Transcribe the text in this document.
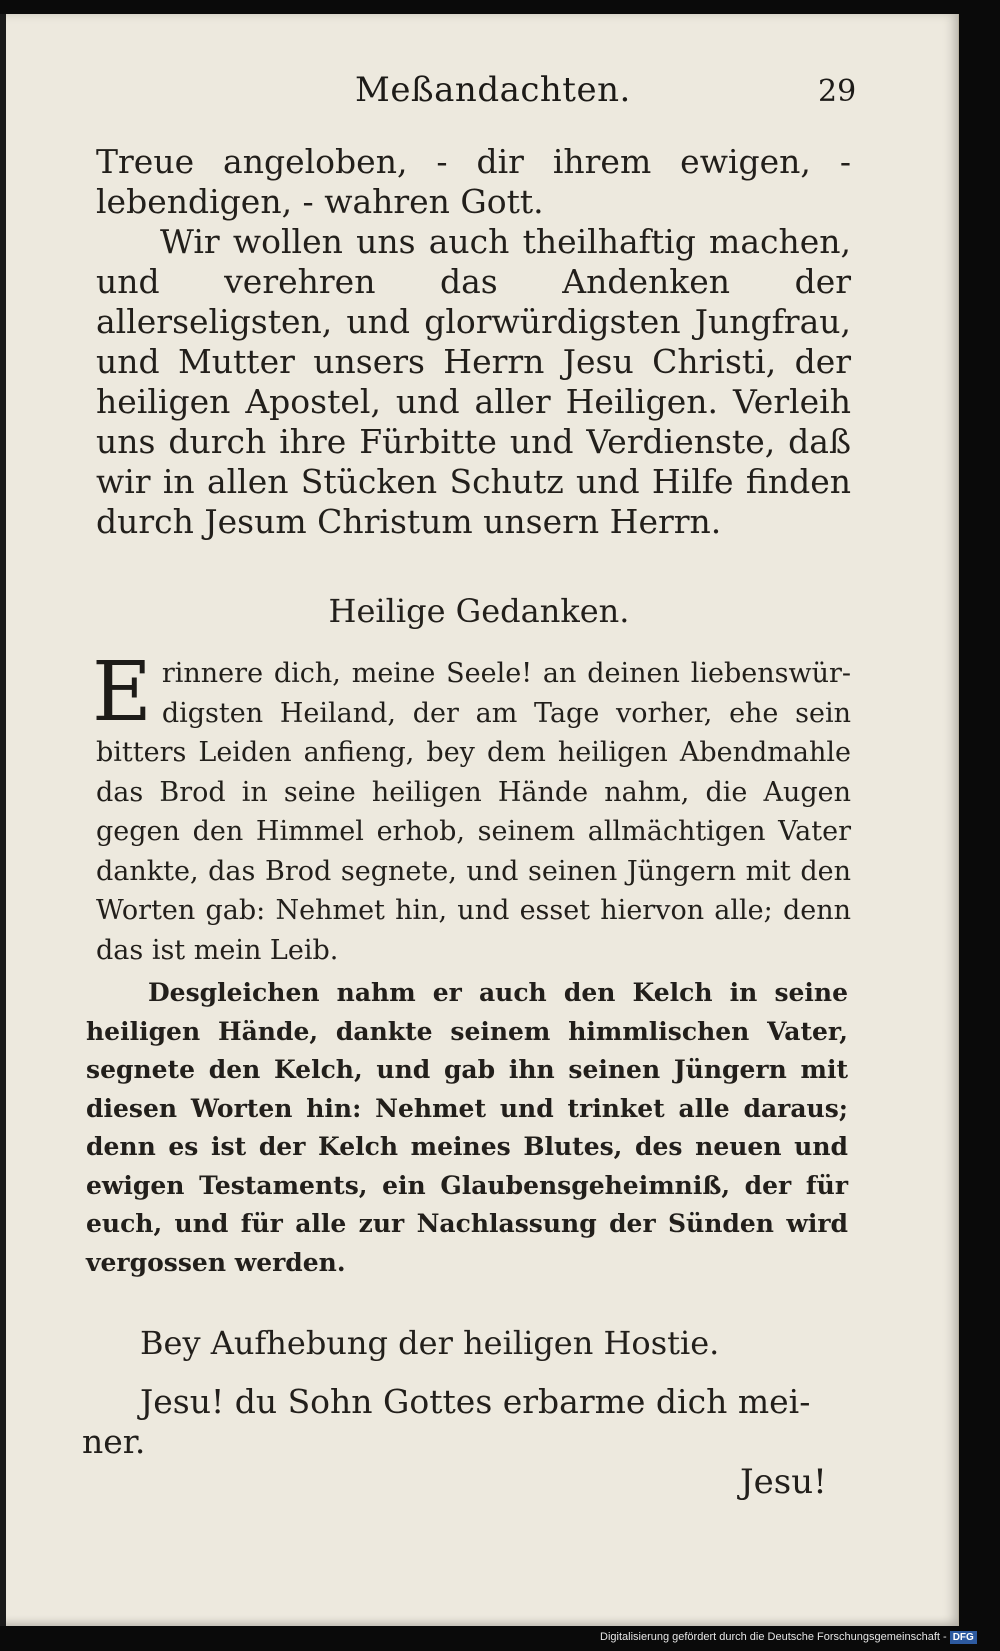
Meßandachten.	29

Treue angeloben, - dir ihrem ewigen, - lebendigen, - wahren Gott.

Wir wollen uns auch theilhaftig machen, und verehren das Andenken der allerseligsten, und glorwürdigsten Jungfrau, und Mutter unsers Herrn Jesu Christi, der heiligen Apostel, und aller Heiligen. Verleih uns durch ihre Fürbitte und Verdienste, daß wir in allen Stücken Schutz und Hilfe finden durch Jesum Christum unsern Herrn.

Heilige Gedanken.
E rinnere dich, meine Seele! an deinen liebenswürdigsten Heiland, der am Tage vorher, ehe sein bitters Leiden anfieng, bey dem heiligen Abendmahle das Brod in seine heiligen Hände nahm, die Augen gegen den Himmel erhob, seinem allmächtigen Vater dankte, das Brod segnete, und seinen Jüngern mit den Worten gab: Nehmet hin, und esset hiervon alle; denn das ist mein Leib.

Desgleichen nahm er auch den Kelch in seine heiligen Hände, dankte seinem himmlischen Vater, segnete den Kelch, und gab ihn seinen Jüngern mit diesen Worten hin: Nehmet und trinket alle daraus; denn es ist der Kelch meines Blutes, des neuen und ewigen Testaments, ein Glaubensgeheimniß, der für euch, und für alle zur Nachlassung der Sünden wird vergossen werden.

Bey Aufhebung der heiligen Hostie.

Jesu! du Sohn Gottes erbarme dich meiner.

Jesu!
Digitalisierung gefördert durch die Deutsche Forschungsgemeinschaft - DFG
